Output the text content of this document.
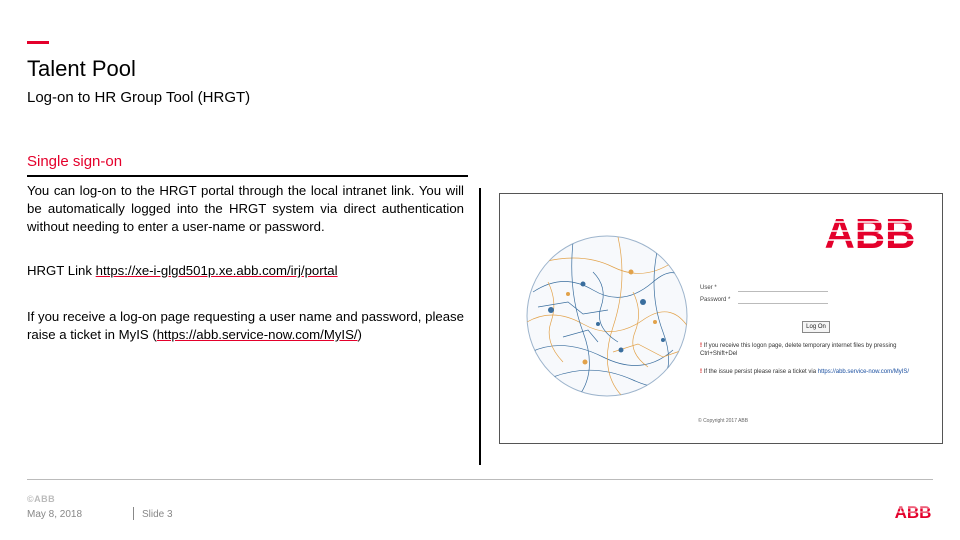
Talent Pool

Log-on to HR Group Tool (HRGT)

Single sign-on

You can log-on to the HRGT portal through the local intranet link. You will be automatically logged into the HRGT system via direct authentication without needing to enter a user-name or password.

HRGT Link https://xe-i-glgd501p.xe.abb.com/irj/portal

If you receive a log-on page requesting a user name and password, please raise a ticket in MyIS (https://abb.service-now.com/MyIS/)

ABB
User *
Password *
Log On
! If you receive this logon page, delete temporary internet files by pressing Ctrl+Shift+Del
! If the issue persist please raise a ticket via https://abb.service-now.com/MyIS/
© Copyright 2017 ABB
©ABB
May 8, 2018	Slide 3	ABB
